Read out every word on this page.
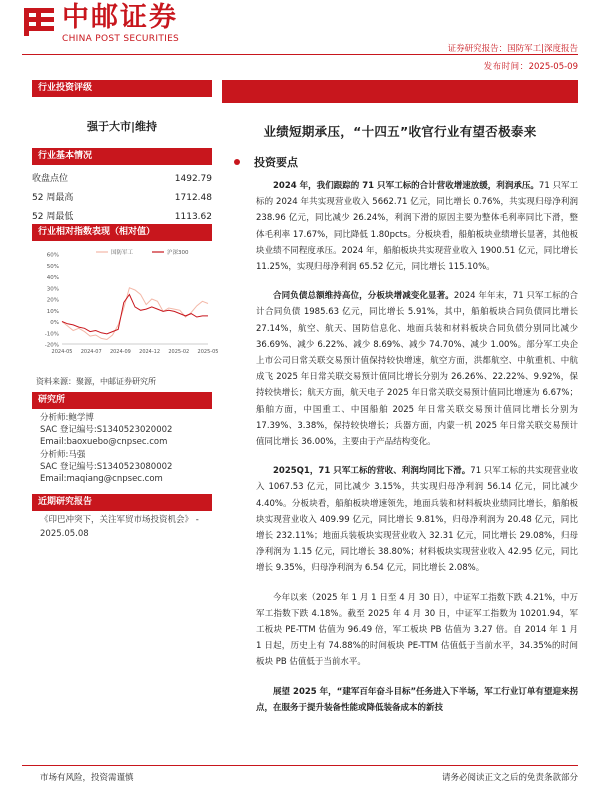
中邮证券
CHINA POST SECURITIES
证券研究报告：国防军工|深度报告
发布时间：2025-05-09
行业投资评级
强于大市|维持
行业基本情况
收盘点位	1492.79
52 周最高	1712.48
52 周最低	1113.62
行业相对指数表现（相对值）
60%
50%
40%
30%
20%
10%
0%
-10%
-20%
2024-05 2024-07 2024-09 2024-12 2025-02 2025-05
国防军工	沪深300
资料来源：聚源，中邮证券研究所
研究所
分析师:鲍学博
SAC 登记编号:S1340523020002
Email:baoxuebo@cnpsec.com
分析师:马强
SAC 登记编号:S1340523080002
Email:maqiang@cnpsec.com
近期研究报告
《印巴冲突下，关注军贸市场投资机会》 - 2025.05.08
业绩短期承压，“十四五”收官行业有望否极泰来
投资要点

2024 年，我们跟踪的 71 只军工标的合计营收增速放缓，利润承压。71 只军工标的 2024 年共实现营业收入 5662.71 亿元，同比增长 0.76%，共实现归母净利润 238.96 亿元，同比减少 26.24%，利润下滑的原因主要为整体毛利率同比下滑，整体毛利率 17.67%，同比降低 1.80pcts。分板块看，船舶板块业绩增长显著，其他板块业绩不同程度承压。2024 年，船舶板块共实现营业收入 1900.51 亿元，同比增长 11.25%，实现归母净利润 65.52 亿元，同比增长 115.10%。

合同负债总额维持高位，分板块增减变化显著。2024 年年末，71 只军工标的合计合同负债 1985.63 亿元，同比增长 5.91%，其中，船舶板块合同负债同比增长 27.14%，航空、航天、国防信息化、地面兵装和材料板块合同负债分别同比减少 36.69%、减少 6.22%、减少 8.69%、减少 74.70%、减少 1.00%。部分军工央企上市公司日常关联交易预计值保持较快增速，航空方面，洪都航空、中航重机、中航成飞 2025 年日常关联交易预计值同比增长分别为 26.26%、22.22%、9.92%，保持较快增长；航天方面，航天电子 2025 年日常关联交易预计值同比增速为 6.67%；船舶方面，中国重工、中国船舶 2025 年日常关联交易预计值同比增长分别为 17.39%、3.38%，保持较快增长；兵器方面，内蒙一机 2025 年日常关联交易预计值同比增长 36.00%，主要由于产品结构变化。

2025Q1，71 只军工标的营收、利润均同比下滑。71 只军工标的共实现营业收入 1067.53 亿元，同比减少 3.15%，共实现归母净利润 56.14 亿元，同比减少 4.40%。分板块看，船舶板块增速领先，地面兵装和材料板块业绩同比增长，船舶板块实现营业收入 409.99 亿元，同比增长 9.81%，归母净利润为 20.48 亿元，同比增长 232.11%；地面兵装板块实现营业收入 32.31 亿元，同比增长 29.08%，归母净利润为 1.15 亿元，同比增长 38.80%；材料板块实现营业收入 42.95 亿元，同比增长 9.35%，归母净利润为 6.54 亿元，同比增长 2.08%。

今年以来（2025 年 1 月 1 日至 4 月 30 日），中证军工指数下跌 4.21%，中万军工指数下跌 4.18%。截至 2025 年 4 月 30 日，中证军工指数为 10201.94，军工板块 PE-TTM 估值为 96.49 倍，军工板块 PB 估值为 3.27 倍。自 2014 年 1 月 1 日起，历史上有 74.88%的时间板块 PE-TTM 估值低于当前水平，34.35%的时间板块 PB 估值低于当前水平。

展望 2025 年，“建军百年奋斗目标”任务进入下半场，军工行业订单有望迎来拐点，在服务于提升装备性能或降低装备成本的新技

市场有风险，投资需谨慎	请务必阅读正文之后的免责条款部分
